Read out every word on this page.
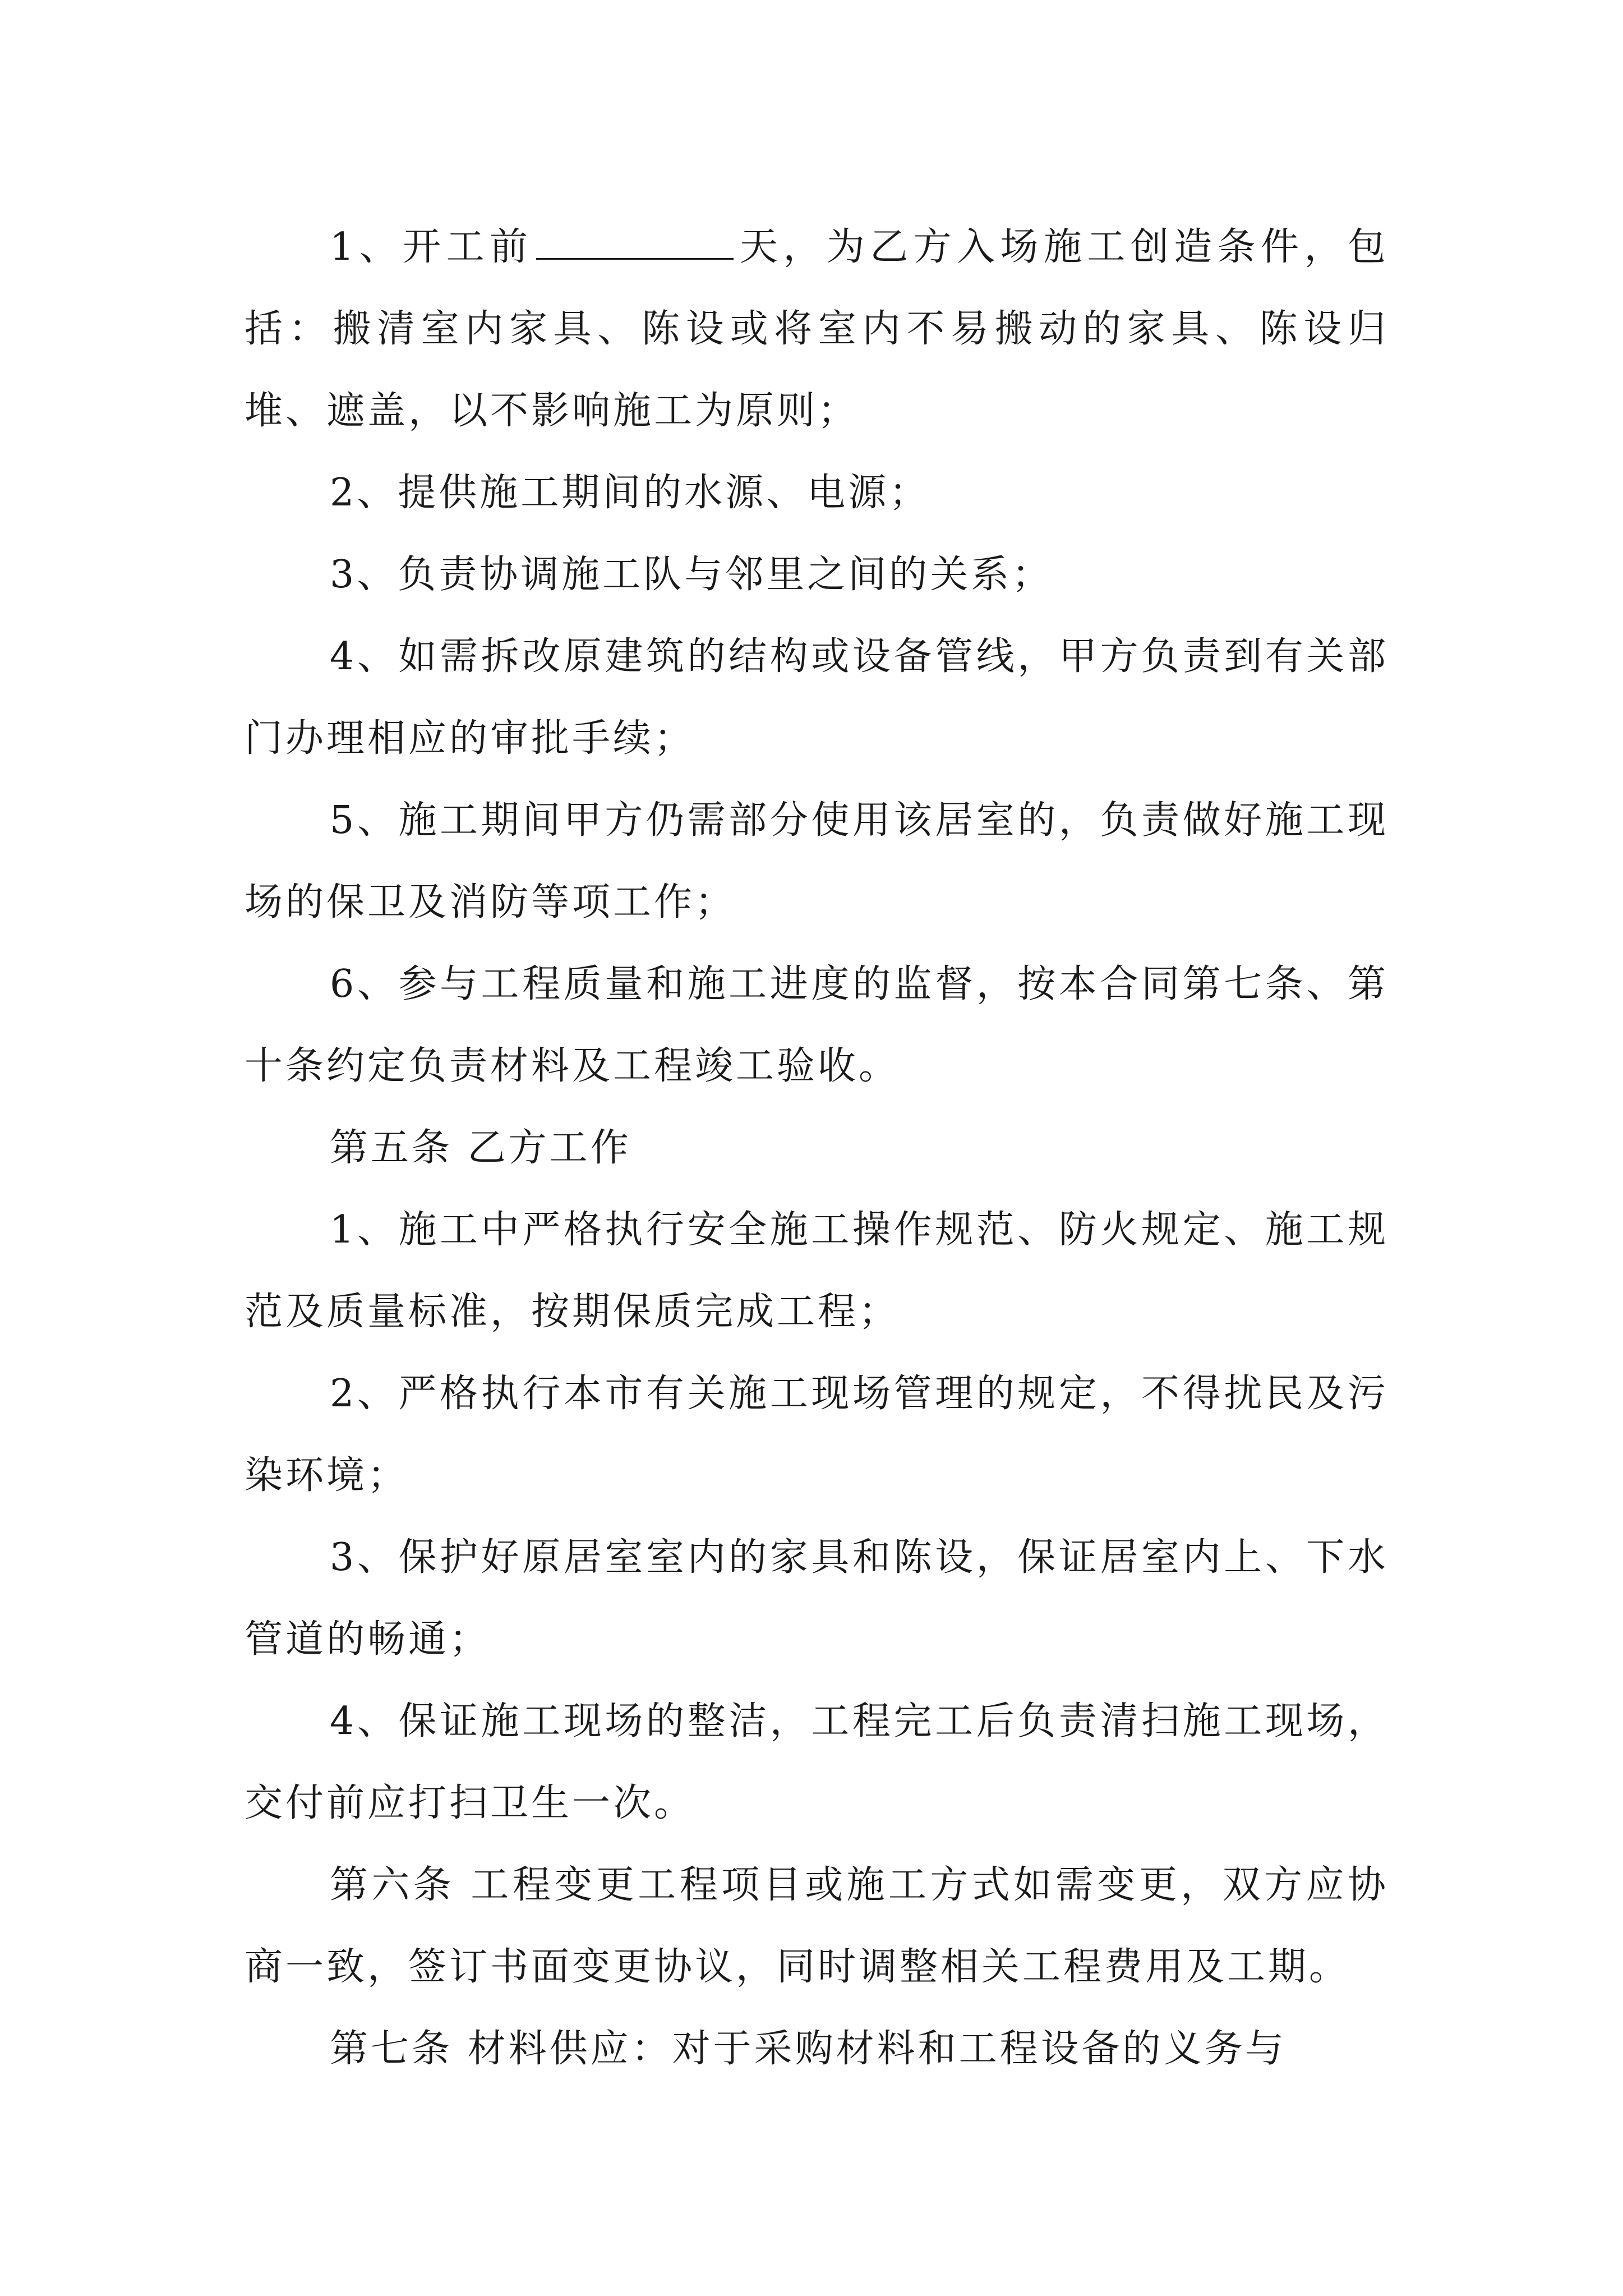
1、开工前	天，为乙方入场施工创造条件，包括：搬清室内家具、陈设或将室内不易搬动的家具、陈设归堆、遮盖，以不影响施工为原则；

2、提供施工期间的水源、电源；

3、负责协调施工队与邻里之间的关系；

4、如需拆改原建筑的结构或设备管线，甲方负责到有关部门办理相应的审批手续；

5、施工期间甲方仍需部分使用该居室的，负责做好施工现场的保卫及消防等项工作；

6、参与工程质量和施工进度的监督，按本合同第七条、第十条约定负责材料及工程竣工验收。

第五条 乙方工作

1、施工中严格执行安全施工操作规范、防火规定、施工规范及质量标准，按期保质完成工程；

2、严格执行本市有关施工现场管理的规定，不得扰民及污染环境；

3、保护好原居室室内的家具和陈设，保证居室内上、下水管道的畅通；

4、保证施工现场的整洁，工程完工后负责清扫施工现场，交付前应打扫卫生一次。

第六条 工程变更工程项目或施工方式如需变更，双方应协商一致，签订书面变更协议，同时调整相关工程费用及工期。

第七条 材料供应：对于采购材料和工程设备的义务与
